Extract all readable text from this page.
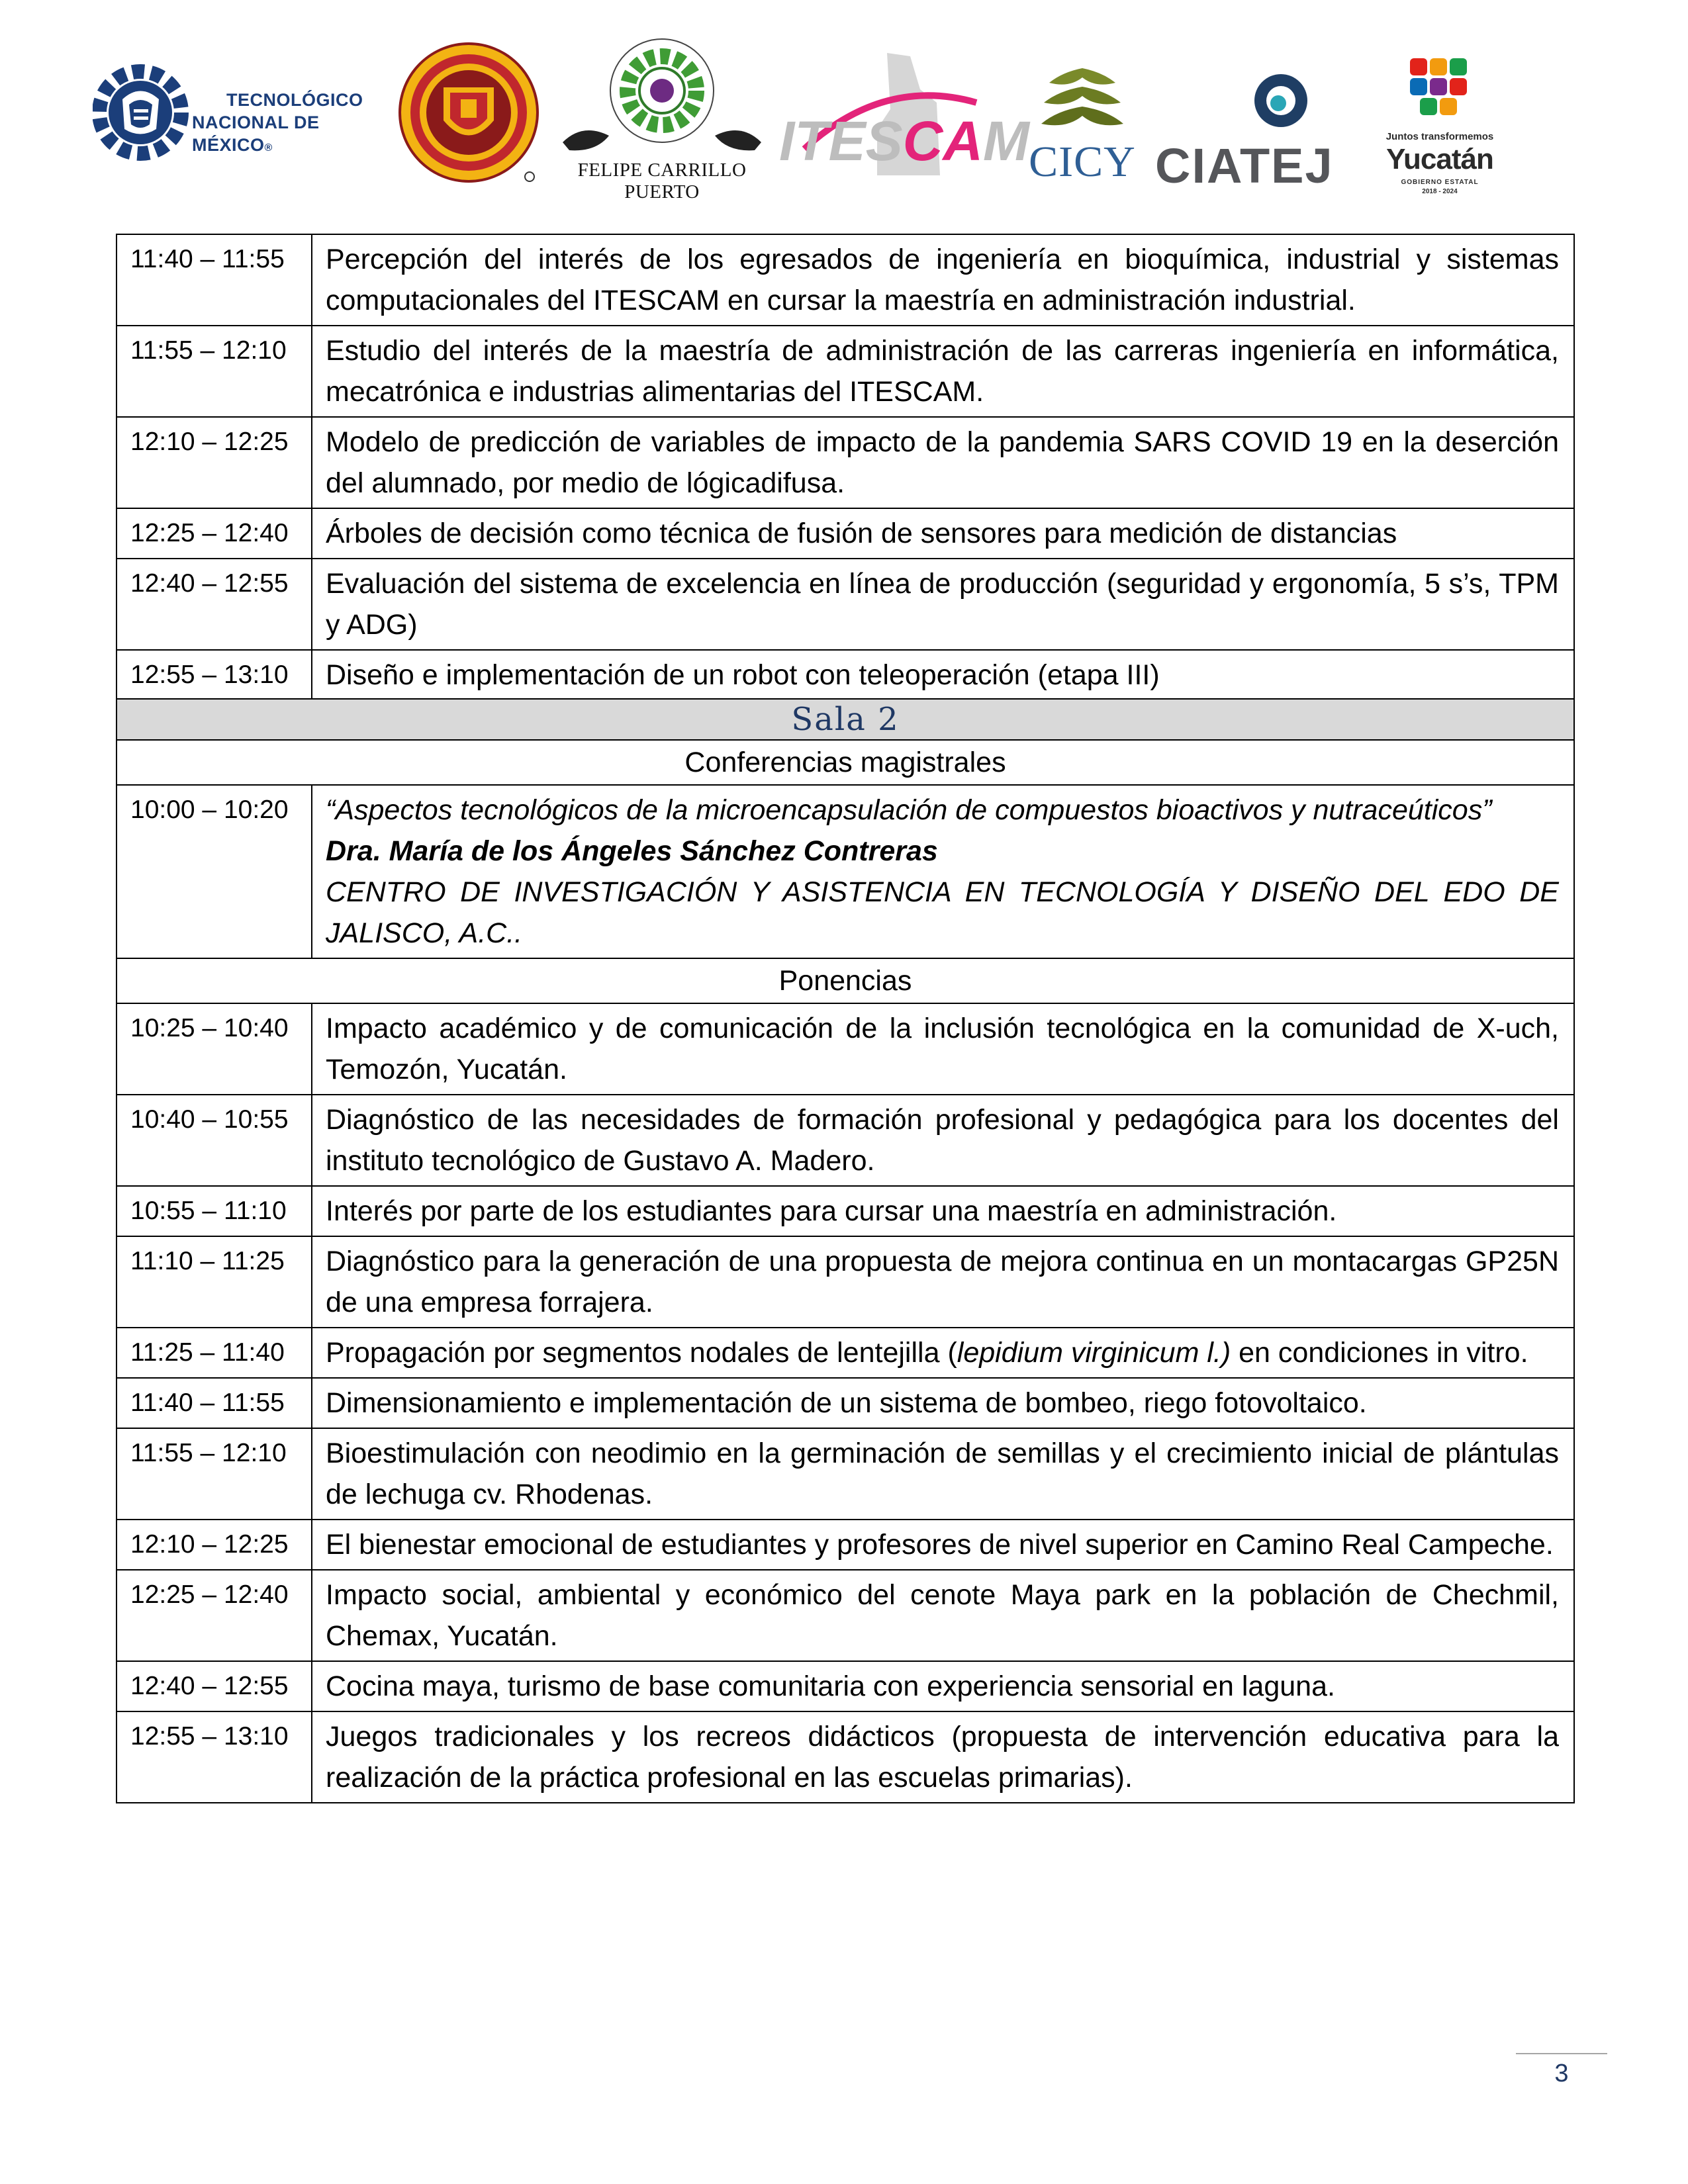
TECNOLÓGICO
NACIONAL DE MÉXICO®
FELIPE CARRILLO PUERTO
ITESCAM CICY CIATEJ
Juntos transformemos
Yucatán
GOBIERNO ESTATAL
2018 - 2024
11:40 – 11:55	Percepción del interés de los egresados de ingeniería en bioquímica, industrial y sistemas computacionales del ITESCAM en cursar la maestría en administración industrial.
11:55 – 12:10	Estudio del interés de la maestría de administración de las carreras ingeniería en informática, mecatrónica e industrias alimentarias del ITESCAM.
12:10 – 12:25	Modelo de predicción de variables de impacto de la pandemia SARS COVID 19 en la deserción del alumnado, por medio de lógicadifusa.
12:25 – 12:40	Árboles de decisión como técnica de fusión de sensores para medición de distancias
12:40 – 12:55	Evaluación del sistema de excelencia en línea de producción (seguridad y ergonomía, 5 s’s, TPM y ADG)
12:55 – 13:10	Diseño e implementación de un robot con teleoperación (etapa III)
Sala 2	
Conferencias magistrales	
10:00 – 10:20	“Aspectos tecnológicos de la microencapsulación de compuestos bioactivos y nutraceúticos”
Dra. María de los Ángeles Sánchez Contreras
CENTRO DE INVESTIGACIÓN Y ASISTENCIA EN TECNOLOGÍA Y DISEÑO DEL EDO DE JALISCO, A.C..

Ponencias	
10:25 – 10:40	Impacto académico y de comunicación de la inclusión tecnológica en la comunidad de X-uch, Temozón, Yucatán.
10:40 – 10:55	Diagnóstico de las necesidades de formación profesional y pedagógica para los docentes del instituto tecnológico de Gustavo A. Madero.
10:55 – 11:10	Interés por parte de los estudiantes para cursar una maestría en administración.
11:10 – 11:25	Diagnóstico para la generación de una propuesta de mejora continua en un montacargas GP25N de una empresa forrajera.
11:25 – 11:40	Propagación por segmentos nodales de lentejilla (lepidium virginicum l.) en condiciones in vitro.
11:40 – 11:55	Dimensionamiento e implementación de un sistema de bombeo, riego fotovoltaico.
11:55 – 12:10	Bioestimulación con neodimio en la germinación de semillas y el crecimiento inicial de plántulas de lechuga cv. Rhodenas.
12:10 – 12:25	El bienestar emocional de estudiantes y profesores de nivel superior en Camino Real Campeche.
12:25 – 12:40	Impacto social, ambiental y económico del cenote Maya park en la población de Chechmil, Chemax, Yucatán.
12:40 – 12:55	Cocina maya, turismo de base comunitaria con experiencia sensorial en laguna.
12:55 – 13:10	Juegos tradicionales y los recreos didácticos (propuesta de intervención educativa para la realización de la práctica profesional en las escuelas primarias).
3
